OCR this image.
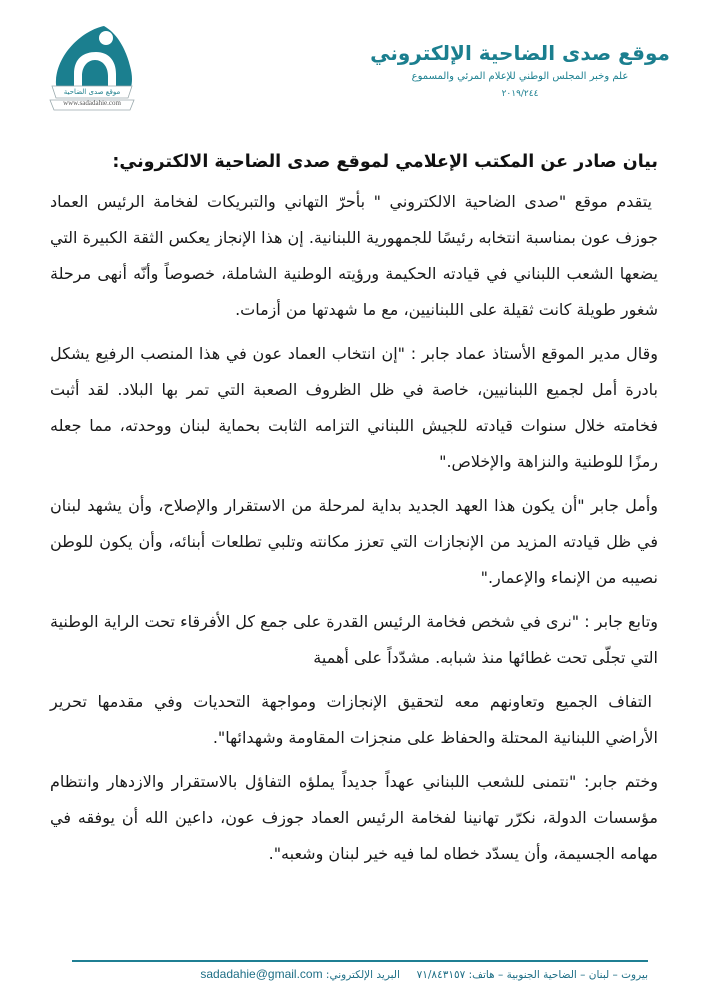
موقع صدى الضاحية
www.sadadahie.com
موقع صدى الضاحية الإلكتروني
علم وخبر المجلس الوطني للإعلام المرئي والمسموع
٢٠١٩/٢٤٤
بيان صادر عن المكتب الإعلامي لموقع صدى الضاحية الالكتروني:

يتقدم موقع "صدى الضاحية الالكتروني " بأحرّ التهاني والتبريكات لفخامة الرئيس العماد جوزف عون بمناسبة انتخابه رئيسًا للجمهورية اللبنانية. إن هذا الإنجاز يعكس الثقة الكبيرة التي يضعها الشعب اللبناني في قيادته الحكيمة ورؤيته الوطنية الشاملة، خصوصاً وأنّه أنهى مرحلة شغور طويلة كانت ثقيلة على اللبنانيين، مع ما شهدتها من أزمات.

وقال مدير الموقع الأستاذ عماد جابر : "إن انتخاب العماد عون في هذا المنصب الرفيع يشكل بادرة أمل لجميع اللبنانيين، خاصة في ظل الظروف الصعبة التي تمر بها البلاد. لقد أثبت فخامته خلال سنوات قيادته للجيش اللبناني التزامه الثابت بحماية لبنان ووحدته، مما جعله رمزًا للوطنية والنزاهة والإخلاص."

وأمل جابر "أن يكون هذا العهد الجديد بداية لمرحلة من الاستقرار والإصلاح، وأن يشهد لبنان في ظل قيادته المزيد من الإنجازات التي تعزز مكانته وتلبي تطلعات أبنائه، وأن يكون للوطن نصيبه من الإنماء والإعمار."

وتابع جابر : "نرى في شخص فخامة الرئيس القدرة على جمع كل الأفرقاء تحت الراية الوطنية التي تجلّى تحت غطائها منذ شبابه. مشدّداً على أهمية

التفاف الجميع وتعاونهم معه لتحقيق الإنجازات ومواجهة التحديات وفي مقدمها تحرير الأراضي اللبنانية المحتلة والحفاظ على منجزات المقاومة وشهدائها".

وختم جابر: "نتمنى للشعب اللبناني عهداً جديداً يملؤه التفاؤل بالاستقرار والازدهار وانتظام مؤسسات الدولة، نكرّر تهانينا لفخامة الرئيس العماد جوزف عون، داعين الله أن يوفقه في مهامه الجسيمة، وأن يسدّد خطاه لما فيه خير لبنان وشعبه".

بيروت – لبنان – الضاحية الجنوبية – هاتف: ٧١/٨٤٣١٥٧  البريد الإلكتروني: sadadahie@gmail.com
